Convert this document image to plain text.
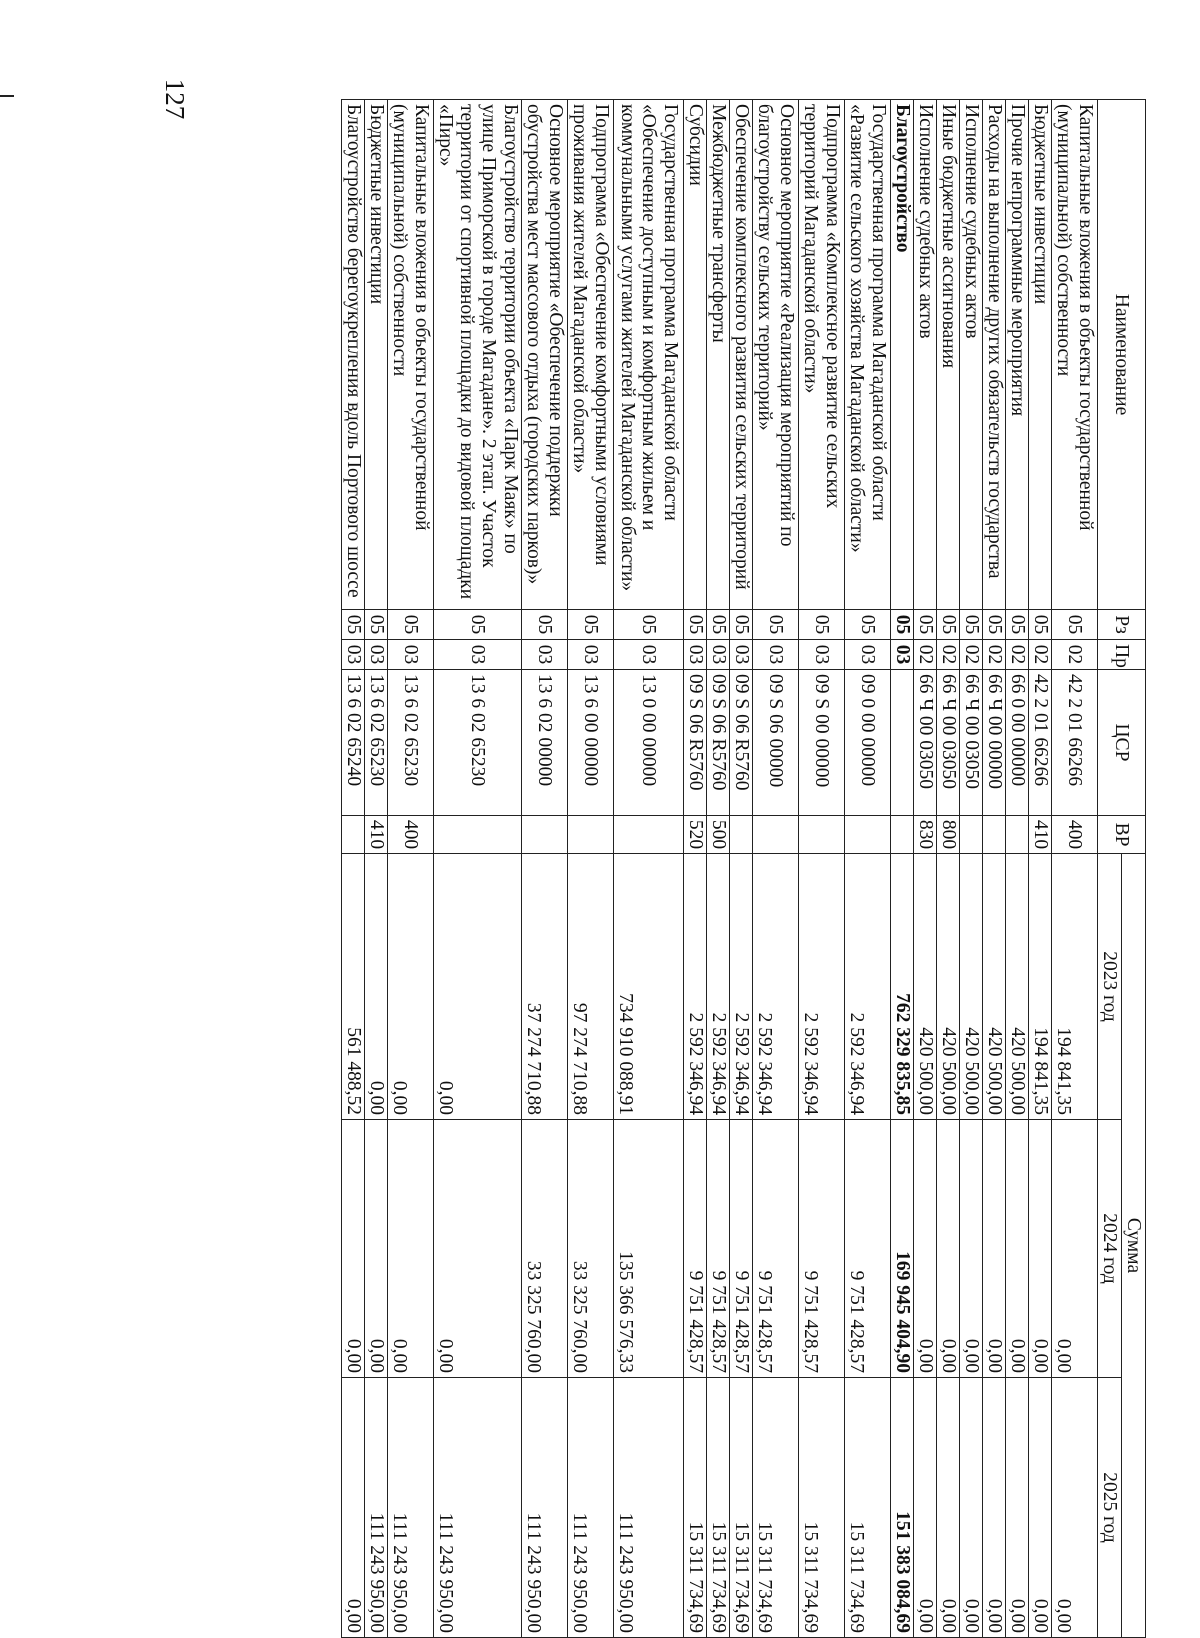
127
Наименование	Рз	Пр	ЦСР	ВР	Сумма		
					2023 год	2024 год	2025 год
Капитальные вложения в объекты государственной (муниципальной) собственности	05	02	42 2 01 66266	400	194 841,35	0,00	0,00
Бюджетные инвестиции	05	02	42 2 01 66266	410	194 841,35	0,00	0,00
Прочие непрограммные мероприятия	05	02	66 0 00 00000		420 500,00	0,00	0,00
Расходы на выполнение других обязательств государства	05	02	66 Ч 00 00000		420 500,00	0,00	0,00
Исполнение судебных актов	05	02	66 Ч 00 03050		420 500,00	0,00	0,00
Иные бюджетные ассигнования	05	02	66 Ч 00 03050	800	420 500,00	0,00	0,00
Исполнение судебных актов	05	02	66 Ч 00 03050	830	420 500,00	0,00	0,00
Благоустройство	05	03			762 329 835,85	169 945 404,90	151 383 084,69
Государственная программа Магаданской области «Развитие сельского хозяйства Магаданской области»	05	03	09 0 00 00000		2 592 346,94	9 751 428,57	15 311 734,69
Подпрограмма «Комплексное развитие сельских территорий Магаданской области»	05	03	09 S 00 00000		2 592 346,94	9 751 428,57	15 311 734,69
Основное мероприятие «Реализация мероприятий по благоустройству сельских территорий»	05	03	09 S 06 00000		2 592 346,94	9 751 428,57	15 311 734,69
Обеспечение комплексного развития сельских территорий	05	03	09 S 06 R5760		2 592 346,94	9 751 428,57	15 311 734,69
Межбюджетные трансферты	05	03	09 S 06 R5760	500	2 592 346,94	9 751 428,57	15 311 734,69
Субсидии	05	03	09 S 06 R5760	520	2 592 346,94	9 751 428,57	15 311 734,69
Государственная программа Магаданской области «Обеспечение доступным и комфортным жильем и коммунальными услугами жителей Магаданской области»	05	03	13 0 00 00000		734 910 088,91	135 366 576,33	111 243 950,00
Подпрограмма «Обеспечение комфортными условиями проживания жителей Магаданской области»	05	03	13 6 00 00000		97 274 710,88	33 325 760,00	111 243 950,00
Основное мероприятие «Обеспечение поддержки обустройства мест массового отдыха (городских парков)»	05	03	13 6 02 00000		37 274 710,88	33 325 760,00	111 243 950,00
Благоустройство территории объекта «Парк Маяк» по улице Приморской в городе Магадане». 2 этап. Участок территории от спортивной площадки до видовой площадки «Пирс»	05	03	13 6 02 65230		0,00	0,00	111 243 950,00
Капитальные вложения в объекты государственной (муниципальной) собственности	05	03	13 6 02 65230	400	0,00	0,00	111 243 950,00
Бюджетные инвестиции	05	03	13 6 02 65230	410	0,00	0,00	111 243 950,00
Благоустройство берегоукрепления вдоль Портового шоссе	05	03	13 6 02 65240		561 488,52	0,00	0,00
